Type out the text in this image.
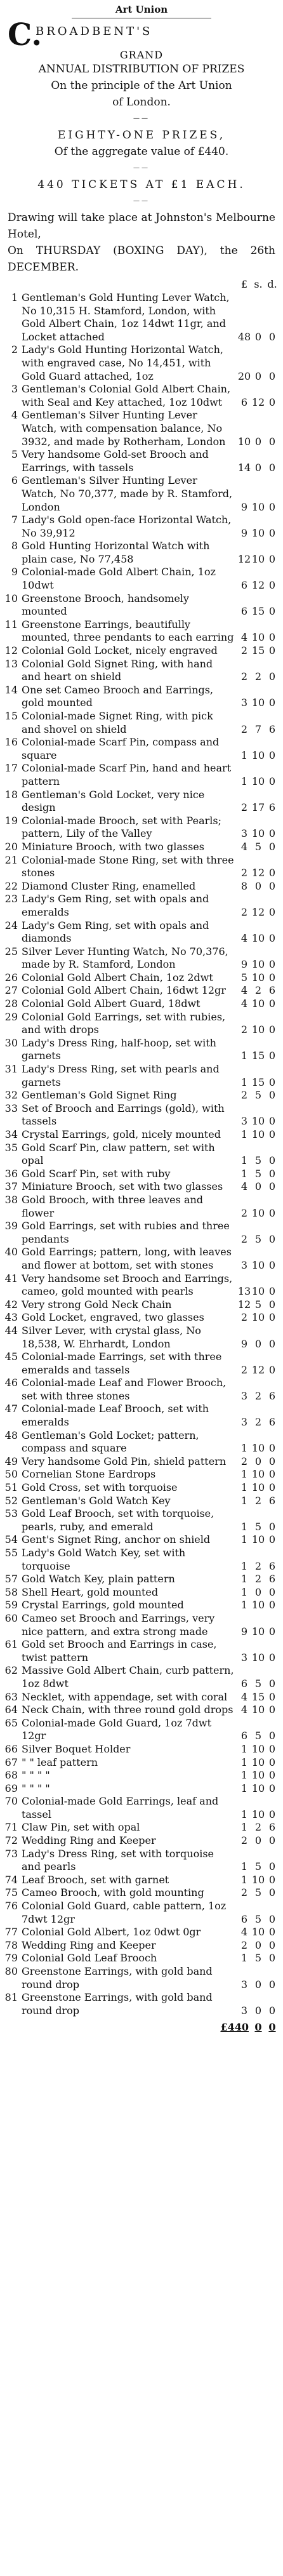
Art Union
C.
BROADBENT'S
GRAND

ANNUAL DISTRIBUTION OF PRIZES

On the principle of the Art Union

of London.

——

EIGHTY-ONE PRIZES,

Of the aggregate value of £440.

——

440 TICKETS AT £1 EACH.

——

Drawing will take place at Johnston's Melbourne Hotel,
On THURSDAY (BOXING DAY), the 26th DECEMBER.
£ s. d.
1 Gentleman's Gold Hunting Lever Watch, No 10,315 H. Stamford, London, with Gold Albert Chain, 1oz 14dwt 11gr, and Locket attached	48 0 0
2 Lady's Gold Hunting Horizontal Watch, with engraved case, No 14,451, with Gold Guard attached, 1oz	20 0 0
3 Gentleman's Colonial Gold Albert Chain, with Seal and Key attached, 1oz 10dwt	6 12 0
4 Gentleman's Silver Hunting Lever Watch, with compensation balance, No 3932, and made by Rotherham, London	10 0 0
5 Very handsome Gold-set Brooch and Earrings, with tassels	14 0 0
6 Gentleman's Silver Hunting Lever Watch, No 70,377, made by R. Stamford, London	9 10 0
7 Lady's Gold open-face Horizontal Watch, No 39,912	9 10 0
8 Gold Hunting Horizontal Watch with plain case, No 77,458	12 10 0
9 Colonial-made Gold Albert Chain, 1oz 10dwt	6 12 0
10 Greenstone Brooch, handsomely mounted	6 15 0
11 Greenstone Earrings, beautifully mounted, three pendants to each earring 4 10 0
12 Colonial Gold Locket, nicely engraved	2 15 0
13 Colonial Gold Signet Ring, with hand and heart on shield	2 2 0
14 One set Cameo Brooch and Earrings, gold mounted	3 10 0
15 Colonial-made Signet Ring, with pick and shovel on shield	2 7 6
16 Colonial-made Scarf Pin, compass and square	1 10 0
17 Colonial-made Scarf Pin, hand and heart pattern	1 10 0
18 Gentleman's Gold Locket, very nice design	2 17 6
19 Colonial-made Brooch, set with Pearls; pattern, Lily of the Valley	3 10 0
20 Miniature Brooch, with two glasses	4 5 0
21 Colonial-made Stone Ring, set with three stones	2 12 0
22 Diamond Cluster Ring, enamelled	8 0 0
23 Lady's Gem Ring, set with opals and emeralds	2 12 0
24 Lady's Gem Ring, set with opals and diamonds	4 10 0
25 Silver Lever Hunting Watch, No 70,376, made by R. Stamford, London	9 10 0
26 Colonial Gold Albert Chain, 1oz 2dwt	5 10 0
27 Colonial Gold Albert Chain, 16dwt 12gr	4 2 6
28 Colonial Gold Albert Guard, 18dwt	4 10 0
29 Colonial Gold Earrings, set with rubies, and with drops	2 10 0
30 Lady's Dress Ring, half-hoop, set with garnets	1 15 0
31 Lady's Dress Ring, set with pearls and garnets	1 15 0
32 Gentleman's Gold Signet Ring	2 5 0
33 Set of Brooch and Earrings (gold), with tassels	3 10 0
34 Crystal Earrings, gold, nicely mounted	1 10 0
35 Gold Scarf Pin, claw pattern, set with opal	1 5 0
36 Gold Scarf Pin, set with ruby	1 5 0
37 Miniature Brooch, set with two glasses	4 0 0
38 Gold Brooch, with three leaves and flower	2 10 0
39 Gold Earrings, set with rubies and three pendants	2 5 0
40 Gold Earrings; pattern, long, with leaves and flower at bottom, set with stones	3 10 0
41 Very handsome set Brooch and Earrings, cameo, gold mounted with pearls	13 10 0
42 Very strong Gold Neck Chain	12 5 0
43 Gold Locket, engraved, two glasses	2 10 0
44 Silver Lever, with crystal glass, No 18,538, W. Ehrhardt, London	9 0 0
45 Colonial-made Earrings, set with three emeralds and tassels	2 12 0
46 Colonial-made Leaf and Flower Brooch, set with three stones	3 2 6
47 Colonial-made Leaf Brooch, set with emeralds	3 2 6
48 Gentleman's Gold Locket; pattern, compass and square	1 10 0
49 Very handsome Gold Pin, shield pattern	2 0 0
50 Cornelian Stone Eardrops	1 10 0
51 Gold Cross, set with torquoise	1 10 0
52 Gentleman's Gold Watch Key	1 2 6
53 Gold Leaf Brooch, set with torquoise, pearls, ruby, and emerald	1 5 0
54 Gent's Signet Ring, anchor on shield	1 10 0
55 Lady's Gold Watch Key, set with torquoise	1 2 6
57 Gold Watch Key, plain pattern	1 2 6
58 Shell Heart, gold mounted	1 0 0
59 Crystal Earrings, gold mounted	1 10 0
60 Cameo set Brooch and Earrings, very nice pattern, and extra strong made	9 10 0
61 Gold set Brooch and Earrings in case, twist pattern	3 10 0
62 Massive Gold Albert Chain, curb pattern, 1oz 8dwt	6 5 0
63 Necklet, with appendage, set with coral	4 15 0
64 Neck Chain, with three round gold drops 4 10 0
65 Colonial-made Gold Guard, 1oz 7dwt 12gr	6 5 0
66 Silver Boquet Holder	1 10 0
67 " " leaf pattern	1 10 0
68 " " " "	1 10 0
69 " " " "	1 10 0
70 Colonial-made Gold Earrings, leaf and tassel	1 10 0
71 Claw Pin, set with opal	1 2 6
72 Wedding Ring and Keeper	2 0 0
73 Lady's Dress Ring, set with torquoise and pearls	1 5 0
74 Leaf Brooch, set with garnet	1 10 0
75 Cameo Brooch, with gold mounting	2 5 0
76 Colonial Gold Guard, cable pattern, 1oz 7dwt 12gr	6 5 0
77 Colonial Gold Albert, 1oz 0dwt 0gr	4 10 0
78 Wedding Ring and Keeper	2 0 0
79 Colonial Gold Leaf Brooch	1 5 0
80 Greenstone Earrings, with gold band round drop	3 0 0
81 Greenstone Earrings, with gold band round drop	3 0 0
£440 0 0
